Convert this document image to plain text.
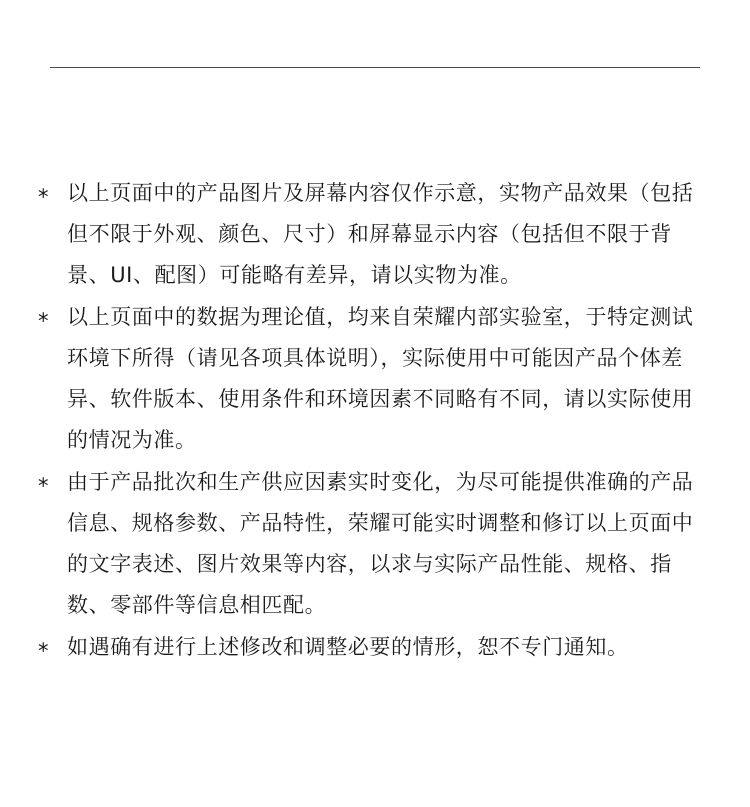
* 以上页面中的产品图片及屏幕内容仅作示意，实物产品效果（包括但不限于外观、颜色、尺寸）和屏幕显示内容（包括但不限于背景、UI、配图）可能略有差异，请以实物为准。
* 以上页面中的数据为理论值，均来自荣耀内部实验室，于特定测试环境下所得（请见各项具体说明），实际使用中可能因产品个体差异、软件版本、使用条件和环境因素不同略有不同，请以实际使用的情况为准。
* 由于产品批次和生产供应因素实时变化，为尽可能提供准确的产品信息、规格参数、产品特性，荣耀可能实时调整和修订以上页面中的文字表述、图片效果等内容，以求与实际产品性能、规格、指数、零部件等信息相匹配。
* 如遇确有进行上述修改和调整必要的情形，恕不专门通知。
